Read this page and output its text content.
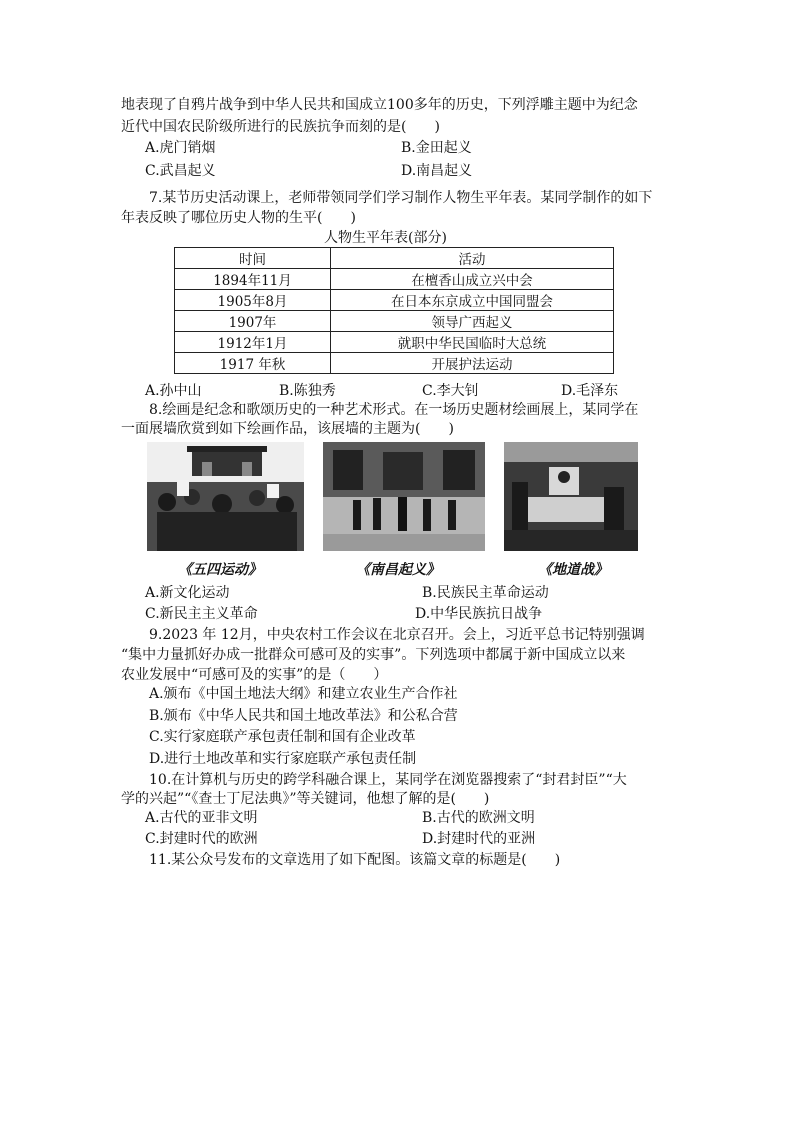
地表现了自鸦片战争到中华人民共和国成立100多年的历史，下列浮雕主题中为纪念
近代中国农民阶级所进行的民族抗争而刻的是(　　)
A.虎门销烟	B.金田起义
C.武昌起义	D.南昌起义
7.某节历史活动课上，老师带领同学们学习制作人物生平年表。某同学制作的如下
年表反映了哪位历史人物的生平(　　)
人物生平年表(部分)
时间	活动
1894年11月	在檀香山成立兴中会
1905年8月	在日本东京成立中国同盟会
1907年	领导广西起义
1912年1月	就职中华民国临时大总统
1917 年秋	开展护法运动
A.孙中山	B.陈独秀	C.李大钊	D.毛泽东
8.绘画是纪念和歌颂历史的一种艺术形式。在一场历史题材绘画展上，某同学在
一面展墙欣赏到如下绘画作品，该展墙的主题为(　　)
《五四运动》	《南昌起义》	《地道战》
A.新文化运动	B.民族民主革命运动
C.新民主主义革命	D.中华民族抗日战争
9.2023 年 12月，中央农村工作会议在北京召开。会上，习近平总书记特别强调
“集中力量抓好办成一批群众可感可及的实事”。下列选项中都属于新中国成立以来
农业发展中“可感可及的实事”的是（　　）
A.颁布《中国土地法大纲》和建立农业生产合作社
B.颁布《中华人民共和国土地改革法》和公私合营
C.实行家庭联产承包责任制和国有企业改革
D.进行土地改革和实行家庭联产承包责任制
10.在计算机与历史的跨学科融合课上，某同学在浏览器搜索了“封君封臣”“大
学的兴起”“《查士丁尼法典》”等关键词，他想了解的是(　　)
A.古代的亚非文明	B.古代的欧洲文明
C.封建时代的欧洲	D.封建时代的亚洲
11.某公众号发布的文章选用了如下配图。该篇文章的标题是(　　)
